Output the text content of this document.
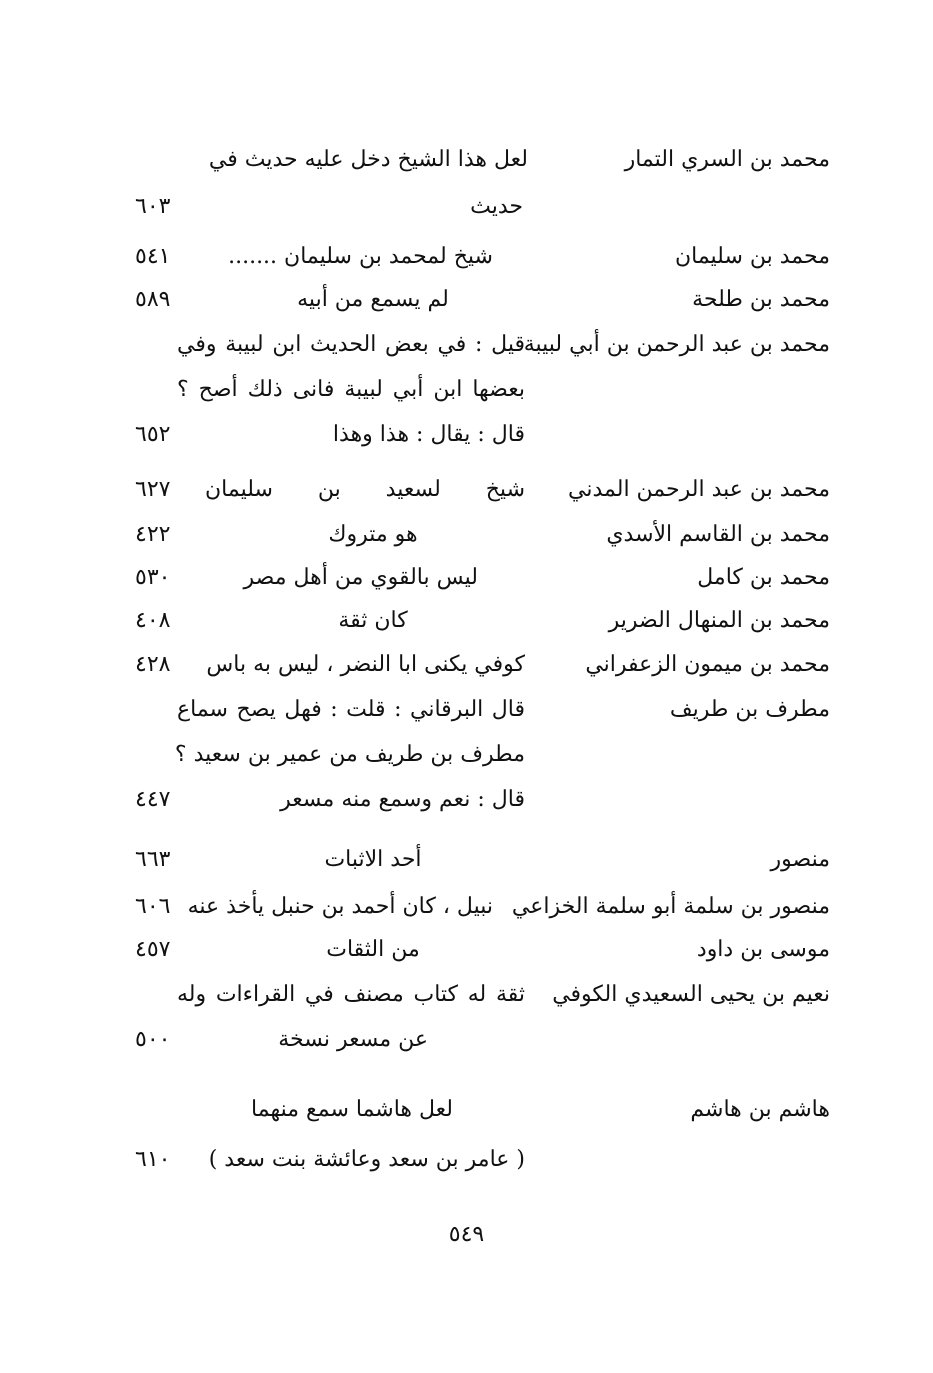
محمد بن السري التمار
لعل هذا الشيخ دخل عليه حديث في
حديث
٦٠٣
محمد بن سليمان
شيخ لمحمد بن سليمان .......
٥٤١
محمد بن طلحة
لم يسمع من أبيه
٥٨٩
محمد بن عبد الرحمن بن أبي لبيبة
قيل : في بعض الحديث ابن لبيبة وفي
بعضها ابن أبي لبيبة فانى ذلك أصح ؟
قال : يقال : هذا وهذا
٦٥٢
محمد بن عبد الرحمن المدني
شيخ لسعيد بن سليمان
٦٢٧
محمد بن القاسم الأسدي
هو متروك
٤٢٢
محمد بن كامل
ليس بالقوي من أهل مصر
٥٣٠
محمد بن المنهال الضرير
كان ثقة
٤٠٨
محمد بن ميمون الزعفراني
كوفي يكنى ابا النضر ، ليس به باس
٤٢٨
مطرف بن طريف
قال البرقاني : قلت : فهل يصح سماع
مطرف بن طريف من عمير بن سعيد ؟
قال : نعم وسمع منه مسعر
٤٤٧
منصور
أحد الاثبات
٦٦٣
منصور بن سلمة أبو سلمة الخزاعي
نبيل ، كان أحمد بن حنبل يأخذ عنه
٦٠٦
موسى بن داود
من الثقات
٤٥٧
نعيم بن يحيى السعيدي الكوفي
ثقة له كتاب مصنف في القراءات وله
عن مسعر نسخة
٥٠٠
هاشم بن هاشم
لعل هاشما سمع منهما
( عامر بن سعد وعائشة بنت سعد )
٦١٠
٥٤٩
